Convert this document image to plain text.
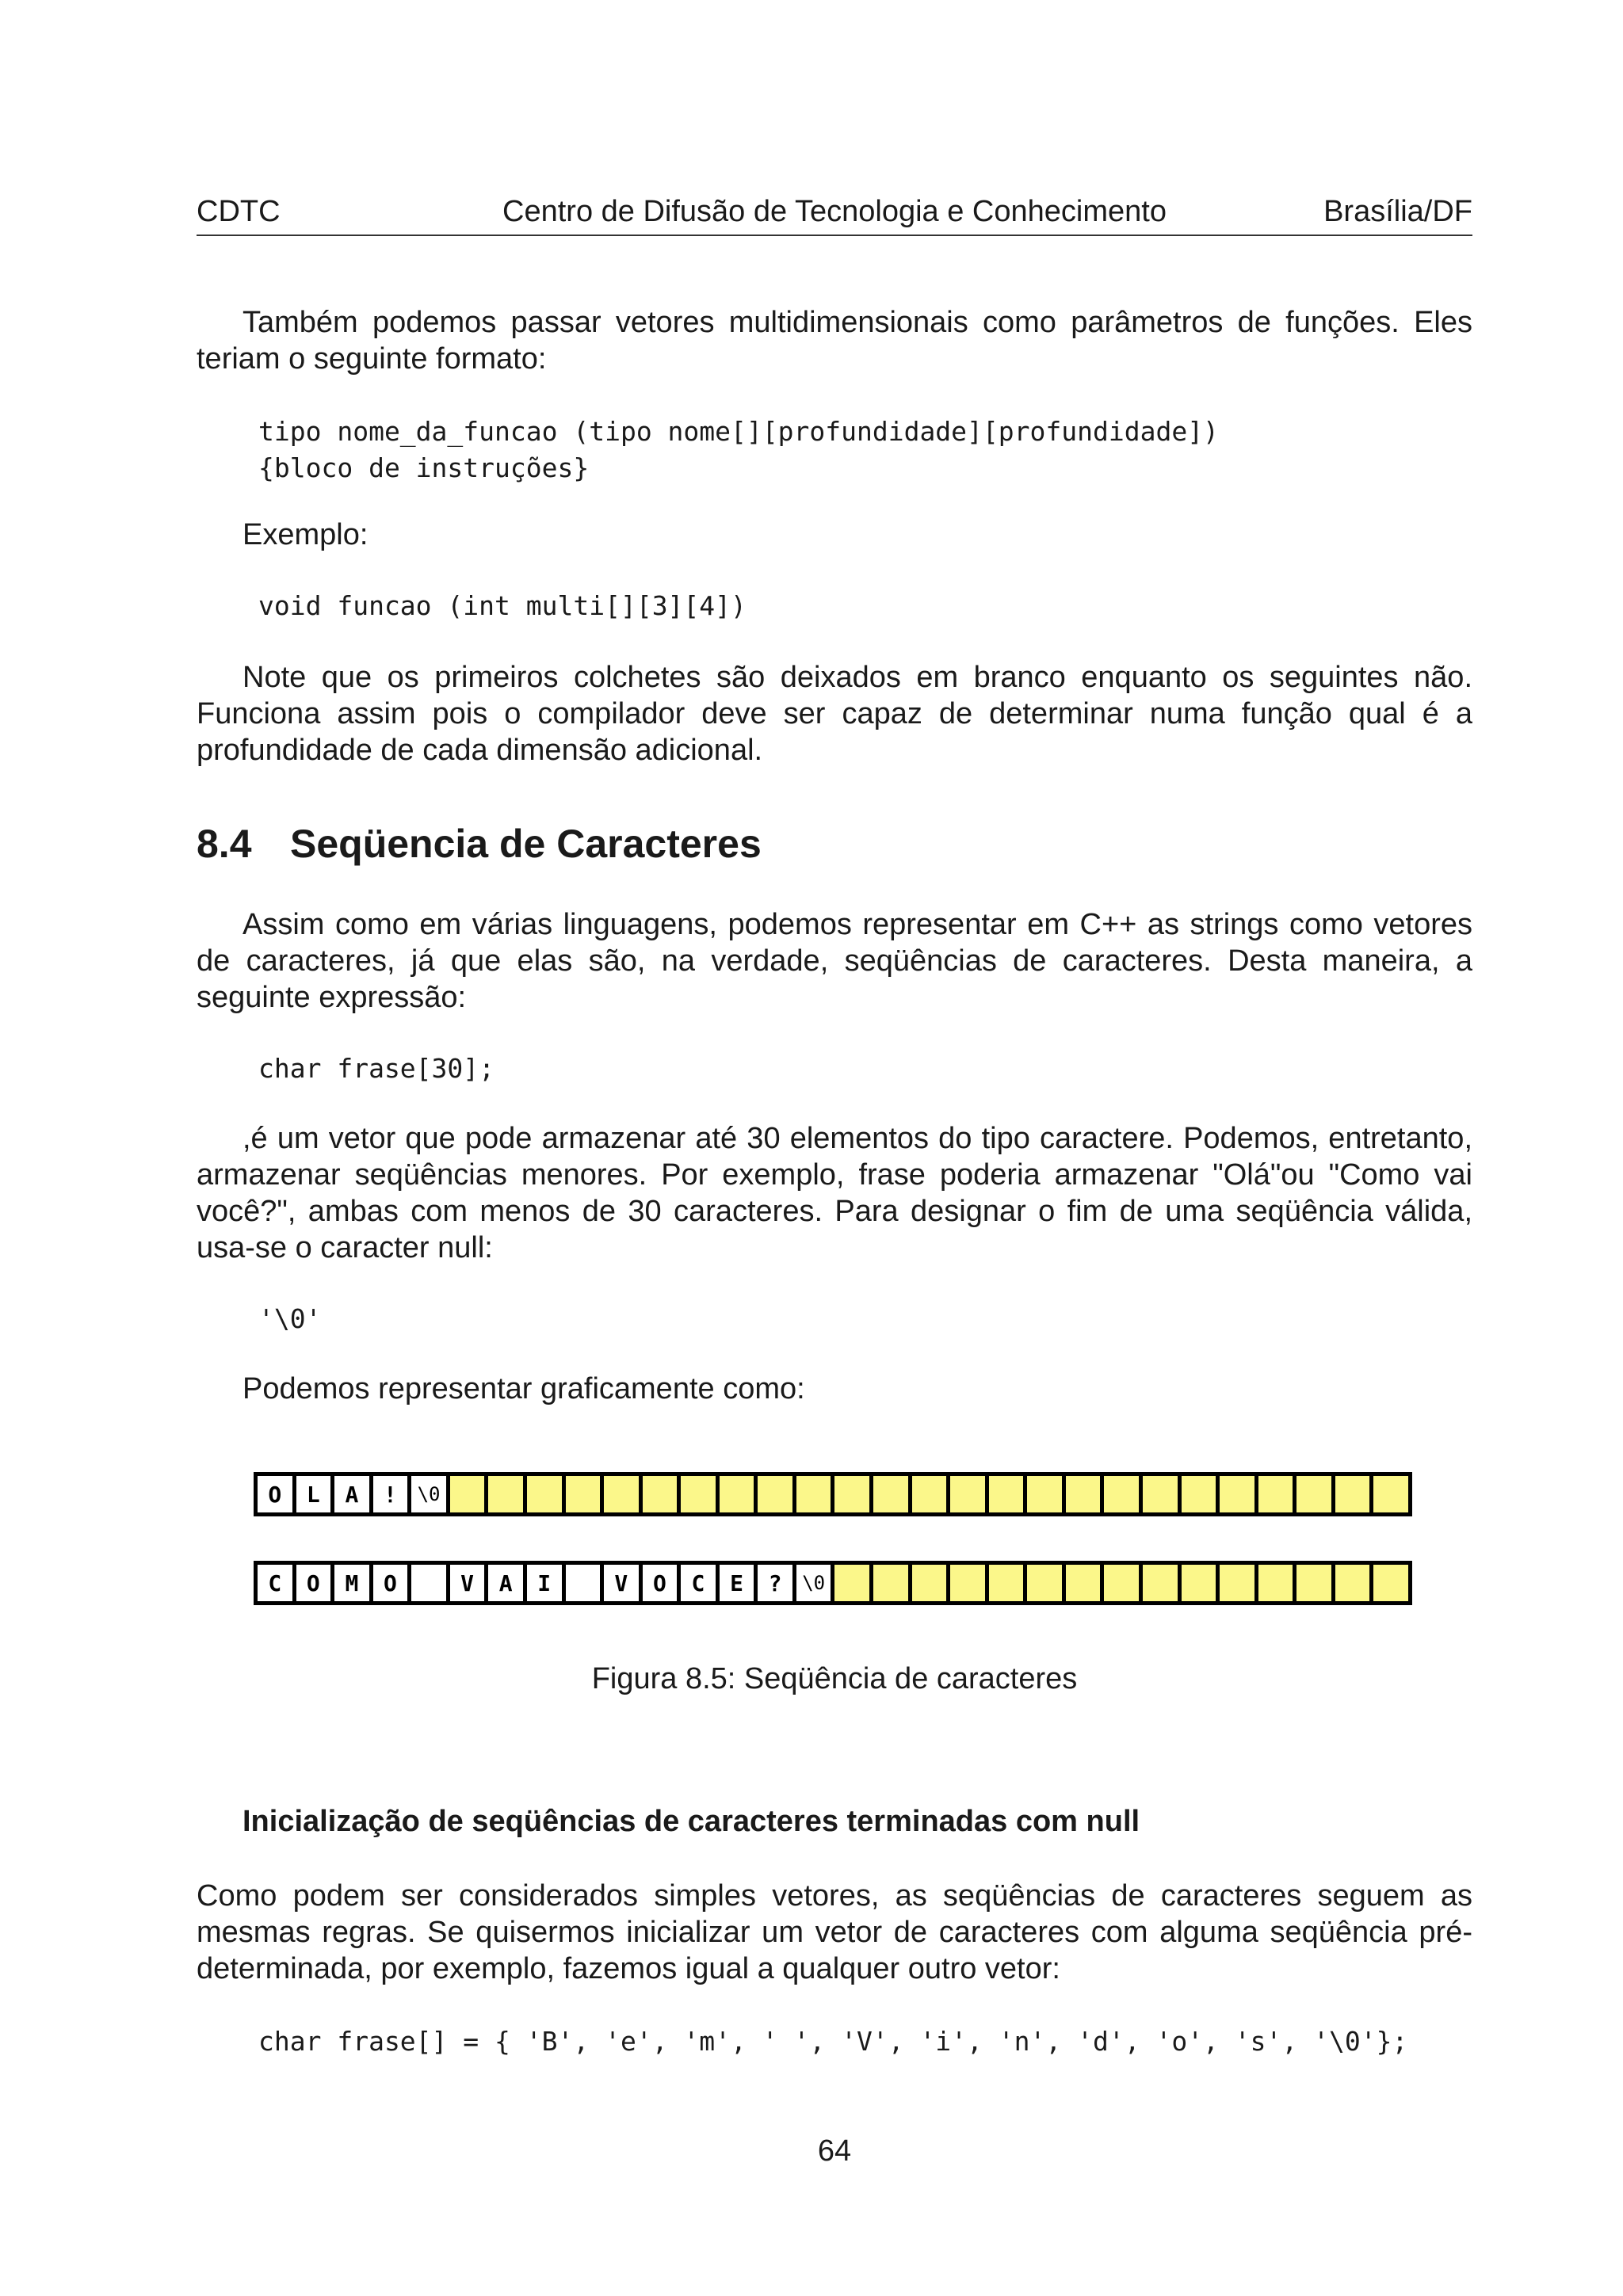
CDTC	Centro de Difusão de Tecnologia e Conhecimento	Brasília/DF

Também podemos passar vetores multidimensionais como parâmetros de funções. Eles teriam o seguinte formato:

tipo nome_da_funcao (tipo nome[][profundidade][profundidade])
{bloco de instruções}

Exemplo:

void funcao (int multi[][3][4])

Note que os primeiros colchetes são deixados em branco enquanto os seguintes não. Funciona assim pois o compilador deve ser capaz de determinar numa função qual é a profundidade de cada dimensão adicional.

8.4 Seqüencia de Caracteres

Assim como em várias linguagens, podemos representar em C++ as strings como vetores de caracteres, já que elas são, na verdade, seqüências de caracteres. Desta maneira, a seguinte expressão:

char frase[30];

,é um vetor que pode armazenar até 30 elementos do tipo caractere. Podemos, entretanto, armazenar seqüências menores. Por exemplo, frase poderia armazenar "Olá"ou "Como vai você?", ambas com menos de 30 caracteres. Para designar o fim de uma seqüência válida, usa-se o caracter null:

'\0'

Podemos representar graficamente como:

O	L	A	!	\0
C	O	M	O	V	A	I	V	O	C	E	?	\0
Figura 8.5: Seqüência de caracteres
Inicialização de seqüências de caracteres terminadas com null

Como podem ser considerados simples vetores, as seqüências de caracteres seguem as mesmas regras. Se quisermos inicializar um vetor de caracteres com alguma seqüência pré-determinada, por exemplo, fazemos igual a qualquer outro vetor:

char frase[] = { 'B', 'e', 'm', ' ', 'V', 'i', 'n', 'd', 'o', 's', '\0'};
64
